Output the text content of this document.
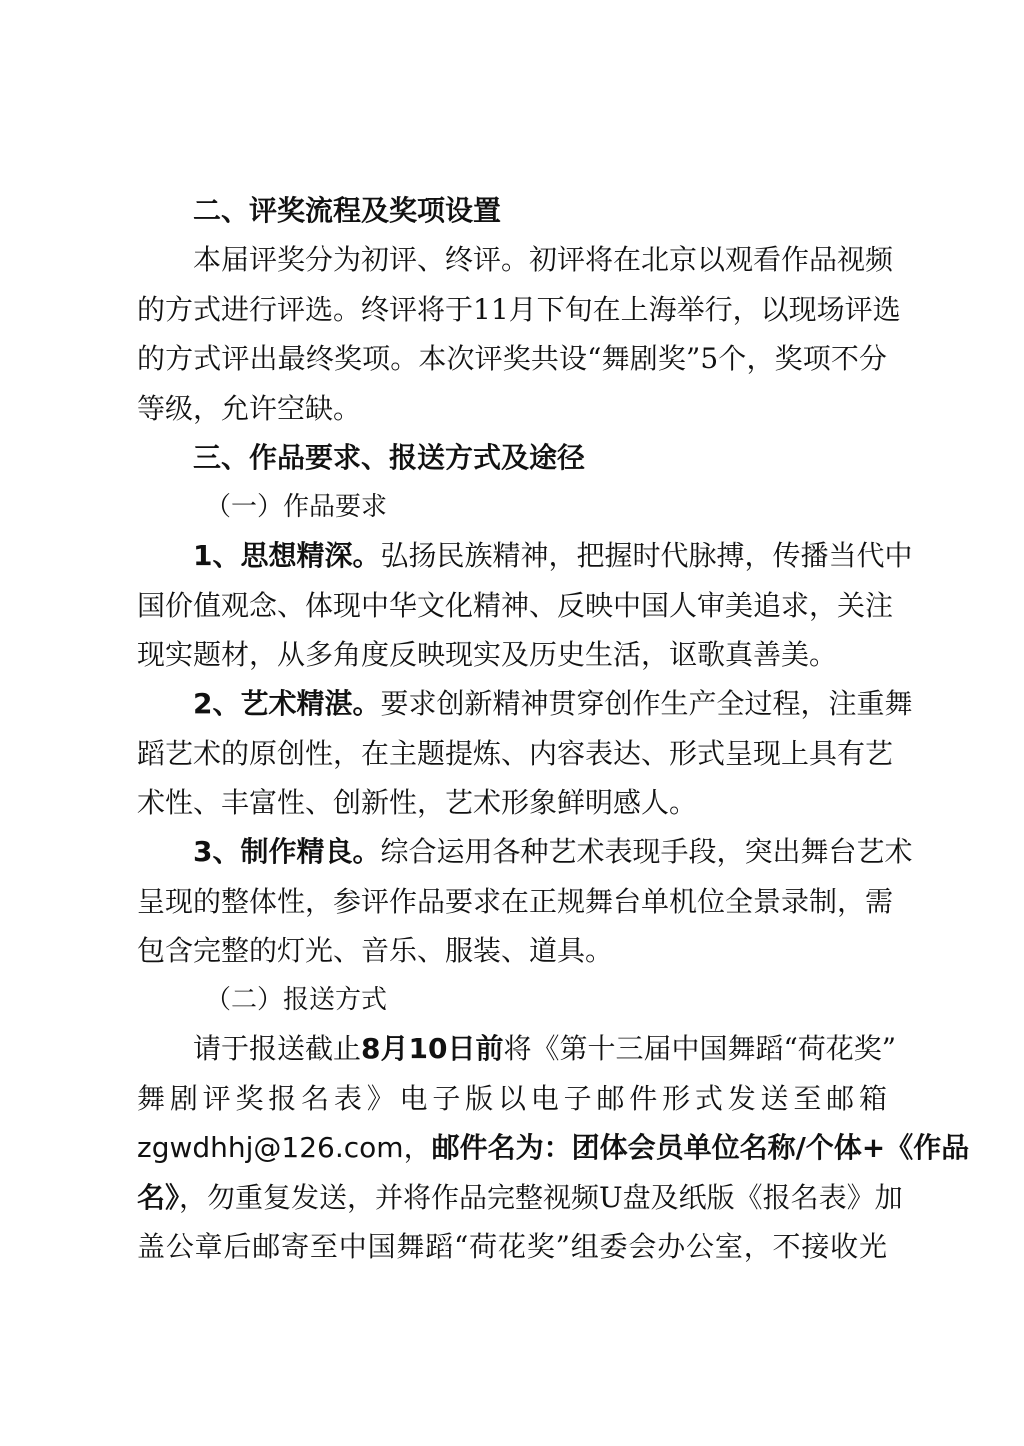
二、评奖流程及奖项设置
本届评奖分为初评、终评。初评将在北京以观看作品视频
的方式进行评选。终评将于11月下旬在上海举行，以现场评选
的方式评出最终奖项。本次评奖共设“舞剧奖”5个，奖项不分
等级，允许空缺。
三、作品要求、报送方式及途径
（一）作品要求
1、思想精深。弘扬民族精神，把握时代脉搏，传播当代中
国价值观念、体现中华文化精神、反映中国人审美追求，关注
现实题材，从多角度反映现实及历史生活，讴歌真善美。
2、艺术精湛。要求创新精神贯穿创作生产全过程，注重舞
蹈艺术的原创性，在主题提炼、内容表达、形式呈现上具有艺
术性、丰富性、创新性，艺术形象鲜明感人。
3、制作精良。综合运用各种艺术表现手段，突出舞台艺术
呈现的整体性，参评作品要求在正规舞台单机位全景录制，需
包含完整的灯光、音乐、服装、道具。
（二）报送方式
请于报送截止8月10日前将《第十三届中国舞蹈“荷花奖”
舞剧评奖报名表》电子版以电子邮件形式发送至邮箱
zgwdhhj@126.com，邮件名为：团体会员单位名称/个体+《作品
名》，勿重复发送，并将作品完整视频U盘及纸版《报名表》加
盖公章后邮寄至中国舞蹈“荷花奖”组委会办公室，不接收光
